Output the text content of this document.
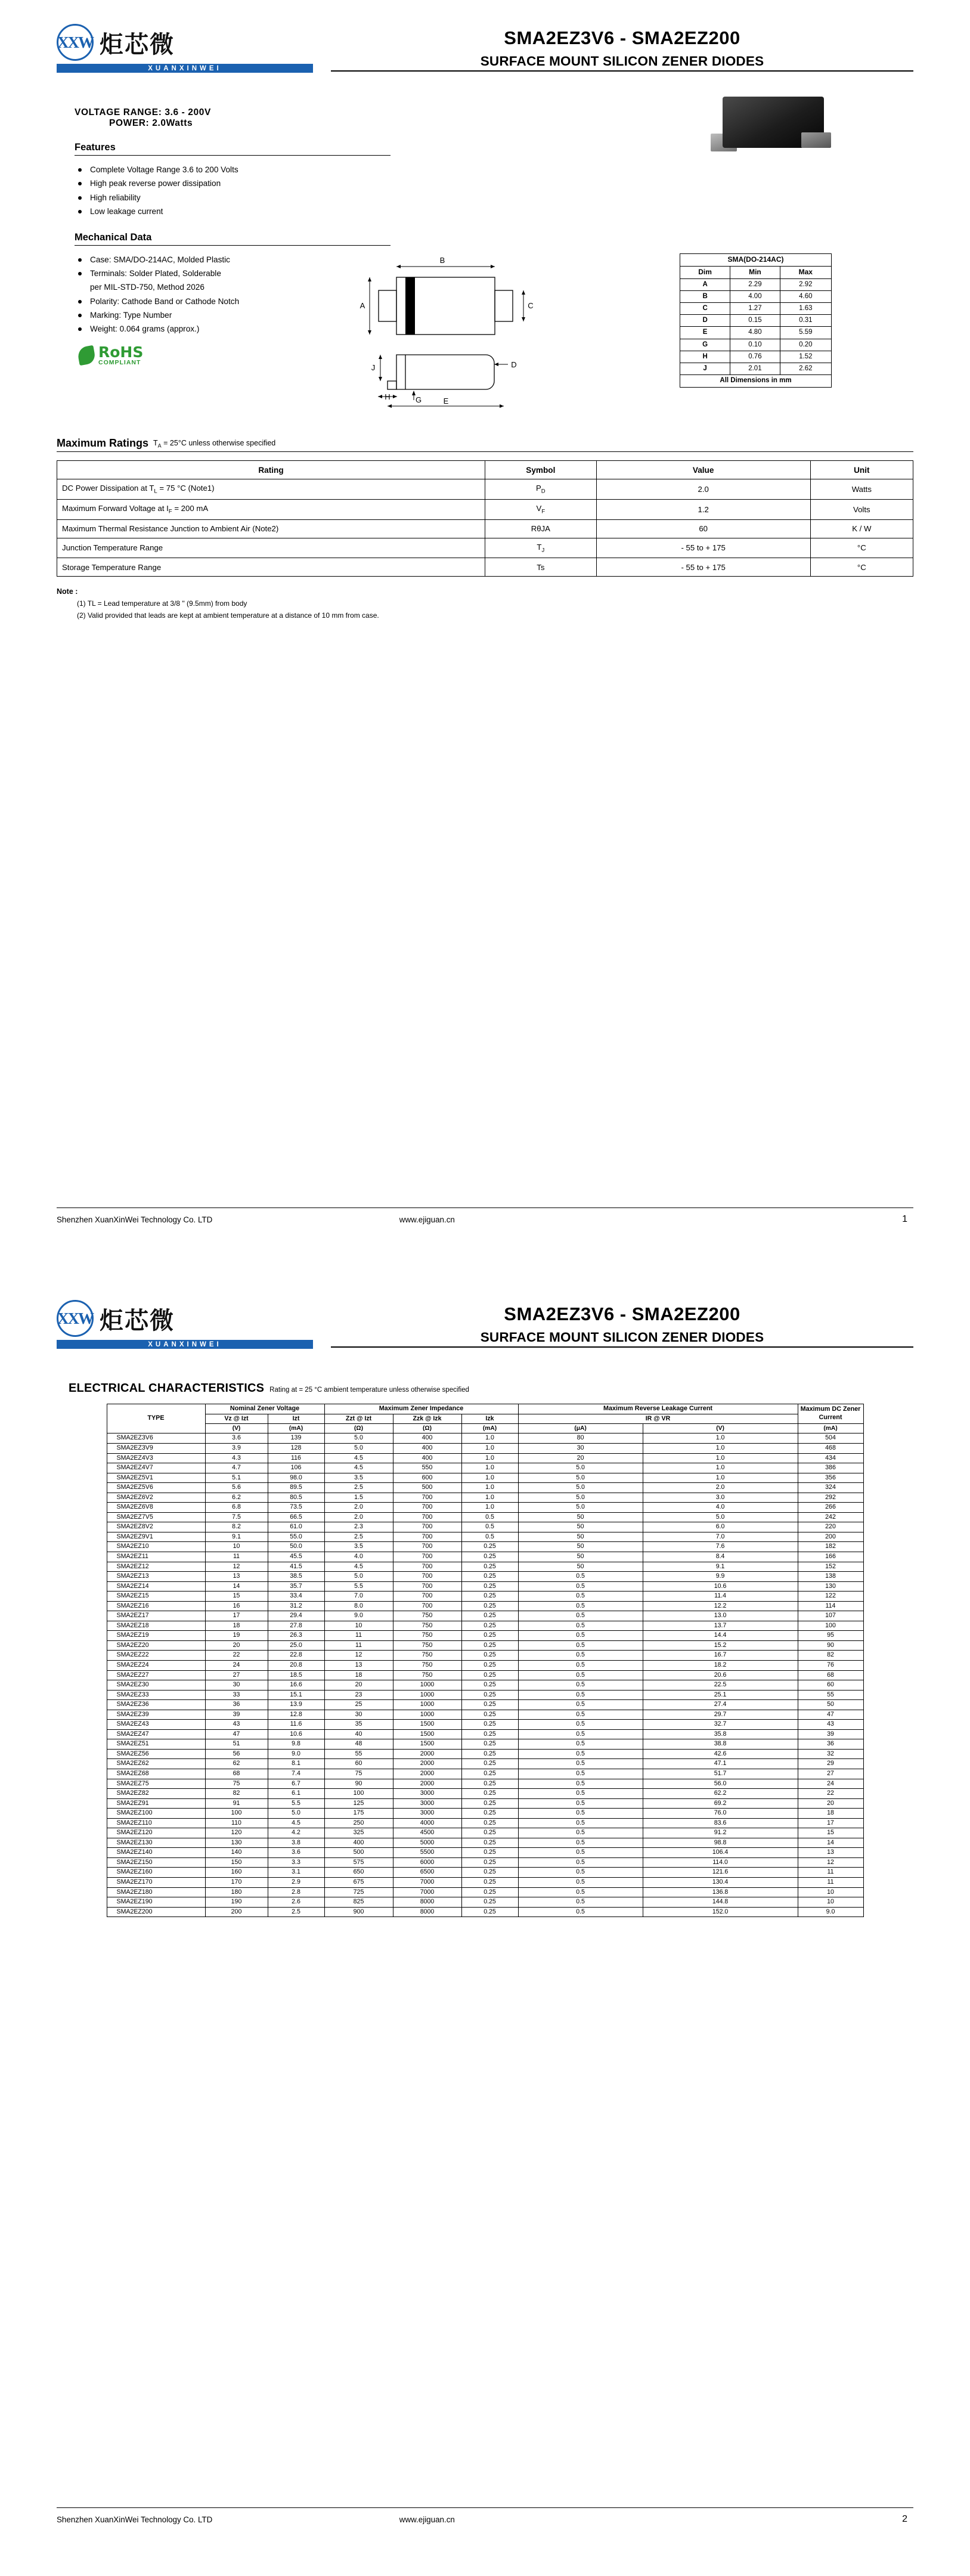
XXW 炬芯微
XUANXINWEI
SMA2EZ3V6 - SMA2EZ200
SURFACE MOUNT SILICON ZENER DIODES
VOLTAGE RANGE: 3.6 - 200V
POWER: 2.0Watts
Features
Complete Voltage Range 3.6 to 200 Volts
High peak reverse power dissipation
High reliability
Low leakage current
Mechanical Data
Case: SMA/DO-214AC, Molded Plastic
Terminals: Solder Plated, Solderable
per MIL-STD-750, Method 2026
Polarity: Cathode Band or Cathode Notch
Marking: Type Number
Weight: 0.064 grams (approx.)
RoHS
COMPLIANT
B
A	C
D
J
H	G	E
SMA(DO-214AC)		
Dim	Min	Max
A	2.29	2.92
B	4.00	4.60
C	1.27	1.63
D	0.15	0.31
E	4.80	5.59
G	0.10	0.20
H	0.76	1.52
J	2.01	2.62
All Dimensions in mm		
Maximum Ratings $T_A = 25^\circ C$ unless otherwise specified
Rating	Symbol	Value	Unit
DC Power Dissipation at $T_L = 75$ °C (Note1)	$P_D$	2.0	Watts
Maximum Forward Voltage at $I_F = 200$ mA	$V_F$	1.2	Volts
Maximum Thermal Resistance Junction to Ambient Air (Note2)	RθJA	60	K / W
Junction Temperature Range	$T_J$	- 55 to + 175	°C
Storage Temperature Range	Ts	- 55 to + 175	°C
Note :
(1) TL = Lead temperature at 3/8 " (9.5mm) from body
(2) Valid provided that leads are kept at ambient temperature at a distance of 10 mm from case.
Shenzhen XuanXinWei Technology Co. LTD	www.ejiguan.cn	1
XXW 炬芯微
XUANXINWEI
SMA2EZ3V6 - SMA2EZ200
SURFACE MOUNT SILICON ZENER DIODES
ELECTRICAL CHARACTERISTICS Rating at = 25 °C ambient temperature unless otherwise specified
TYPE	Nominal Zener Voltage		Maximum Zener Impedance			Maximum Reverse Leakage Current		Maximum DC Zener Current
	Vz @ Izt	Izt	Zzt @ Izt	Zzk @ Izk	Izk	IR @ VR		
	(V)	(mA)	(Ω)	(Ω)	(mA)	(μA)	(V)	(mA)
SMA2EZ3V6	3.6	139	5.0	400	1.0	80	1.0	504
SMA2EZ3V9	3.9	128	5.0	400	1.0	30	1.0	468
SMA2EZ4V3	4.3	116	4.5	400	1.0	20	1.0	434
SMA2EZ4V7	4.7	106	4.5	550	1.0	5.0	1.0	386
SMA2EZ5V1	5.1	98.0	3.5	600	1.0	5.0	1.0	356
SMA2EZ5V6	5.6	89.5	2.5	500	1.0	5.0	2.0	324
SMA2EZ6V2	6.2	80.5	1.5	700	1.0	5.0	3.0	292
SMA2EZ6V8	6.8	73.5	2.0	700	1.0	5.0	4.0	266
SMA2EZ7V5	7.5	66.5	2.0	700	0.5	50	5.0	242
SMA2EZ8V2	8.2	61.0	2.3	700	0.5	50	6.0	220
SMA2EZ9V1	9.1	55.0	2.5	700	0.5	50	7.0	200
SMA2EZ10	10	50.0	3.5	700	0.25	50	7.6	182
SMA2EZ11	11	45.5	4.0	700	0.25	50	8.4	166
SMA2EZ12	12	41.5	4.5	700	0.25	50	9.1	152
SMA2EZ13	13	38.5	5.0	700	0.25	0.5	9.9	138
SMA2EZ14	14	35.7	5.5	700	0.25	0.5	10.6	130
SMA2EZ15	15	33.4	7.0	700	0.25	0.5	11.4	122
SMA2EZ16	16	31.2	8.0	700	0.25	0.5	12.2	114
SMA2EZ17	17	29.4	9.0	750	0.25	0.5	13.0	107
SMA2EZ18	18	27.8	10	750	0.25	0.5	13.7	100
SMA2EZ19	19	26.3	11	750	0.25	0.5	14.4	95
SMA2EZ20	20	25.0	11	750	0.25	0.5	15.2	90
SMA2EZ22	22	22.8	12	750	0.25	0.5	16.7	82
SMA2EZ24	24	20.8	13	750	0.25	0.5	18.2	76
SMA2EZ27	27	18.5	18	750	0.25	0.5	20.6	68
SMA2EZ30	30	16.6	20	1000	0.25	0.5	22.5	60
SMA2EZ33	33	15.1	23	1000	0.25	0.5	25.1	55
SMA2EZ36	36	13.9	25	1000	0.25	0.5	27.4	50
SMA2EZ39	39	12.8	30	1000	0.25	0.5	29.7	47
SMA2EZ43	43	11.6	35	1500	0.25	0.5	32.7	43
SMA2EZ47	47	10.6	40	1500	0.25	0.5	35.8	39
SMA2EZ51	51	9.8	48	1500	0.25	0.5	38.8	36
SMA2EZ56	56	9.0	55	2000	0.25	0.5	42.6	32
SMA2EZ62	62	8.1	60	2000	0.25	0.5	47.1	29
SMA2EZ68	68	7.4	75	2000	0.25	0.5	51.7	27
SMA2EZ75	75	6.7	90	2000	0.25	0.5	56.0	24
SMA2EZ82	82	6.1	100	3000	0.25	0.5	62.2	22
SMA2EZ91	91	5.5	125	3000	0.25	0.5	69.2	20
SMA2EZ100	100	5.0	175	3000	0.25	0.5	76.0	18
SMA2EZ110	110	4.5	250	4000	0.25	0.5	83.6	17
SMA2EZ120	120	4.2	325	4500	0.25	0.5	91.2	15
SMA2EZ130	130	3.8	400	5000	0.25	0.5	98.8	14
SMA2EZ140	140	3.6	500	5500	0.25	0.5	106.4	13
SMA2EZ150	150	3.3	575	6000	0.25	0.5	114.0	12
SMA2EZ160	160	3.1	650	6500	0.25	0.5	121.6	11
SMA2EZ170	170	2.9	675	7000	0.25	0.5	130.4	11
SMA2EZ180	180	2.8	725	7000	0.25	0.5	136.8	10
SMA2EZ190	190	2.6	825	8000	0.25	0.5	144.8	10
SMA2EZ200	200	2.5	900	8000	0.25	0.5	152.0	9.0
Shenzhen XuanXinWei Technology Co. LTD	www.ejiguan.cn	2
